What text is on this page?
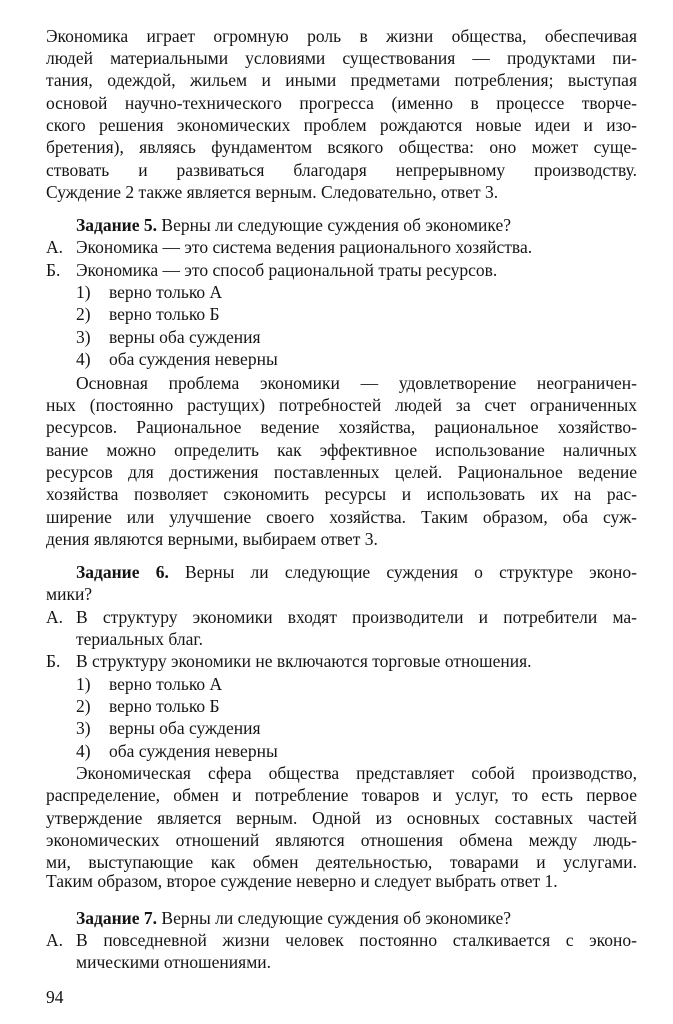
Экономика играет огромную роль в жизни общества, обеспечивая
людей материальными условиями существования — продуктами пи-
тания, одеждой, жильем и иными предметами потребления; выступая
основой научно-технического прогресса (именно в процессе творче-
ского решения экономических проблем рождаются новые идеи и изо-
бретения), являясь фундаментом всякого общества: оно может суще-
ствовать и развиваться благодаря непрерывному производству.
Суждение 2 также является верным. Следовательно, ответ 3.
Задание 5. Верны ли следующие суждения об экономике?
А. Экономика — это система ведения рационального хозяйства.
Б. Экономика — это способ рациональной траты ресурсов.
1) верно только А
2) верно только Б
3) верны оба суждения
4) оба суждения неверны
Основная проблема экономики — удовлетворение неограничен-
ных (постоянно растущих) потребностей людей за счет ограниченных
ресурсов. Рациональное ведение хозяйства, рациональное хозяйство-
вание можно определить как эффективное использование наличных
ресурсов для достижения поставленных целей. Рациональное ведение
хозяйства позволяет сэкономить ресурсы и использовать их на рас-
ширение или улучшение своего хозяйства. Таким образом, оба суж-
дения являются верными, выбираем ответ 3.
Задание 6. Верны ли следующие суждения о структуре эконо-
мики?
А. В структуру экономики входят производители и потребители ма-
териальных благ.
Б. В структуру экономики не включаются торговые отношения.
1) верно только А
2) верно только Б
3) верны оба суждения
4) оба суждения неверны
Экономическая сфера общества представляет собой производство,
распределение, обмен и потребление товаров и услуг, то есть первое
утверждение является верным. Одной из основных составных частей
экономических отношений являются отношения обмена между людь-
ми, выступающие как обмен деятельностью, товарами и услугами.
Таким образом, второе суждение неверно и следует выбрать ответ 1.
Задание 7. Верны ли следующие суждения об экономике?
А. В повседневной жизни человек постоянно сталкивается с эконо-
мическими отношениями.
94
